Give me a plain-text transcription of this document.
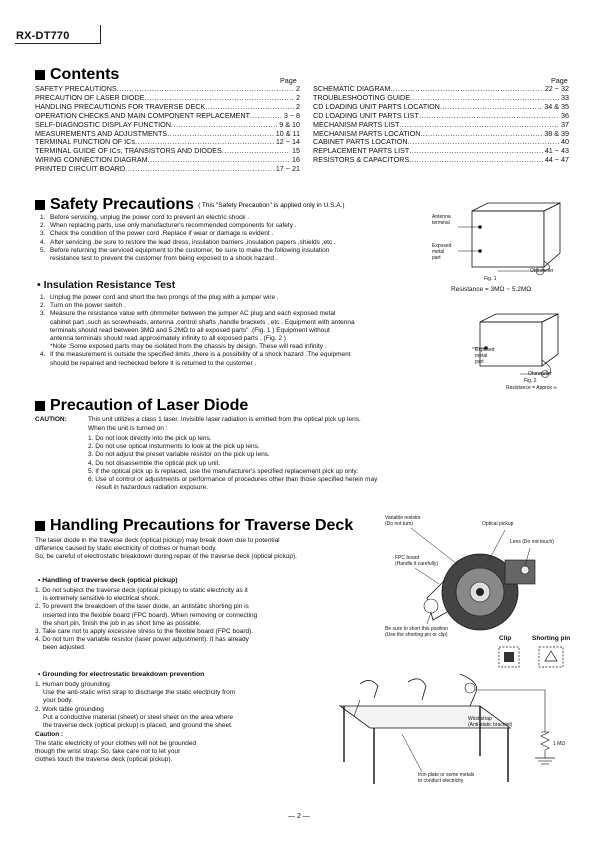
RX-DT770
Contents	Page	Page
SAFETY PRECAUTIONS .....	2
PRECAUTION OF LASER DIODE .....	2
HANDLING PRECAUTIONS FOR TRAVERSE DECK .....	2
OPERATION CHECKS AND MAIN COMPONENT REPLACEMENT .....	3 ~ 8
SELF-DIAGNOSTIC DISPLAY FUNCTION .....	9 & 10
MEASUREMENTS AND ADJUSTMENTS .....	10 & 11
TERMINAL FUNCTION OF ICs .....	12 ~ 14
TERMINAL GUIDE OF ICs, TRANSISTORS AND DIODES .....	15
WIRING CONNECTION DIAGRAM .....	16
PRINTED CIRCUIT BOARD .....	17 ~ 21
SCHEMATIC DIAGRAM .....	22 ~ 32
TROUBLESHOOTING GUIDE .....	33
CD LOADING UNIT PARTS LOCATION .....	34 & 35
CD LOADING UNIT PARTS LIST .....	36
MECHANISM PARTS LIST .....	37
MECHANISM PARTS LOCATION .....	38 & 39
CABINET PARTS LOCATION .....	40
REPLACEMENT PARTS LIST .....	41 ~ 43
RESISTORS & CAPACITORS .....	44 ~ 47
Safety Precautions ( This "Safety Precaution" is applied only in U.S.A.)
1. Before servicing, unplug the power cord to prevent an electric shock .
2. When replacing parts, use only manufacturer's recommended components for safety .
3. Check the condition of the power cord .Replace if wear or damage is evident .
4. After servicing ,be sure to restore the lead dress, insulation barriers ,insulation papers ,shields ,etc .
5. Before returning the serviced equipment to the customer, be sure to make the following insulation
resistance test to prevent the customer from being exposed to a shock hazard .
Antenna
terminal
Exposed
metal
part
Ohmmeter
Fig. 1
Resistance = 3MΩ ~ 5.2MΩ
• Insulation Resistance Test
1. Unplug the power cord and short the two prongs of the plug with a jumper wire .
2. Turn on the power switch .
3. Measure the resistance value with ohmmeter between the jumper AC plug and each exposed metal
cabinet part ,such as screwheads, antenna ,control shafts ,handle brackets , etc . Equipment with antenna
terminals should read between 3MΩ and 5.2MΩ to all exposed parts" .(Fig. 1 ) Equipment without
antenna terminals should read approximately infinity to all exposed parts . (Fig. 2 )
*Note :Some exposed parts may be isolated from the chassis by design. These will read infinity .
4. If the measurement is outside the specified limits ,there is a possibility of a shock hazard .The equipment
should be repaired and rechecked before it is returned to the customer .
Exposed
metal
part
Ohmmeter
Fig. 2
Resistance = Approx ∞
Precaution of Laser Diode
CAUTION:	This unit utilizes a class 1 laser. Invisible laser radiation is emitted from the optical pick up lens.
When the unit is turned on :
1. Do not look directly into the pick up lens.
2. Do not use optical insturments to look at the pick up lens.
3. Do not adjust the preset variable resistor on the pick up lens.
4. Do not disassemble the optical pick up unit.
5. If the optical pick up is replaced, use the manufacturer's specified replacement pick up only.
6. Use of control or adjustments or performance of procedures other than those specified herein may
result in hazardous radiation exposure.
Handling Precautions for Traverse Deck
The laser diode in the traverse deck (optical pickup) may break down due to potential
difference caused by static electricity of clothes or human body.
So, be careful of electrostatic breakdown during repair of the traverse deck (optical pickup).
• Handling of traverse deck (optical pickup)
1. Do not subject the traverse deck (optical pickup) to static electricity as it
is extremely sensitive to electrical shock.
2. To prevent the breakdown of the laser diode, an antistatic shorting pin is
inserted into the flexible board (FPC board). When removing or connecting
the short pin, finish the job in as short time as possible.
3. Take care not to apply excessive stress to the flexible board (FPC board).
4. Do not turn the variable resistor (laser power adjustment). It has already
been adjusted.
• Grounding for electrostatic breakdown prevention
1. Human body grounding
Use the anti-static wrist strap to discharge the static electricity from
your body.
2. Work table grounding
Put a conductive material (sheet) or steel sheet on the area where
the traverse deck (optical pickup) is placed, and ground the sheet.
Caution :
The static electricity of your clothes will not be grounded
though the wrist strap. So, take care not to let your
clothes touch the traverse deck (optical pickup).
Variable resistor
(Do not turn)	Optical pickup
Lens (Do not touch)
FPC board
(Handle it carefully)
Be sure to short this position
(Use the shorting pin or clip)	Clip	Shorting pin
Wrist strap
(Anti-static bracelet)
1 MΩ
Iron plate or some metals
to conduct electricity
— 2 —
